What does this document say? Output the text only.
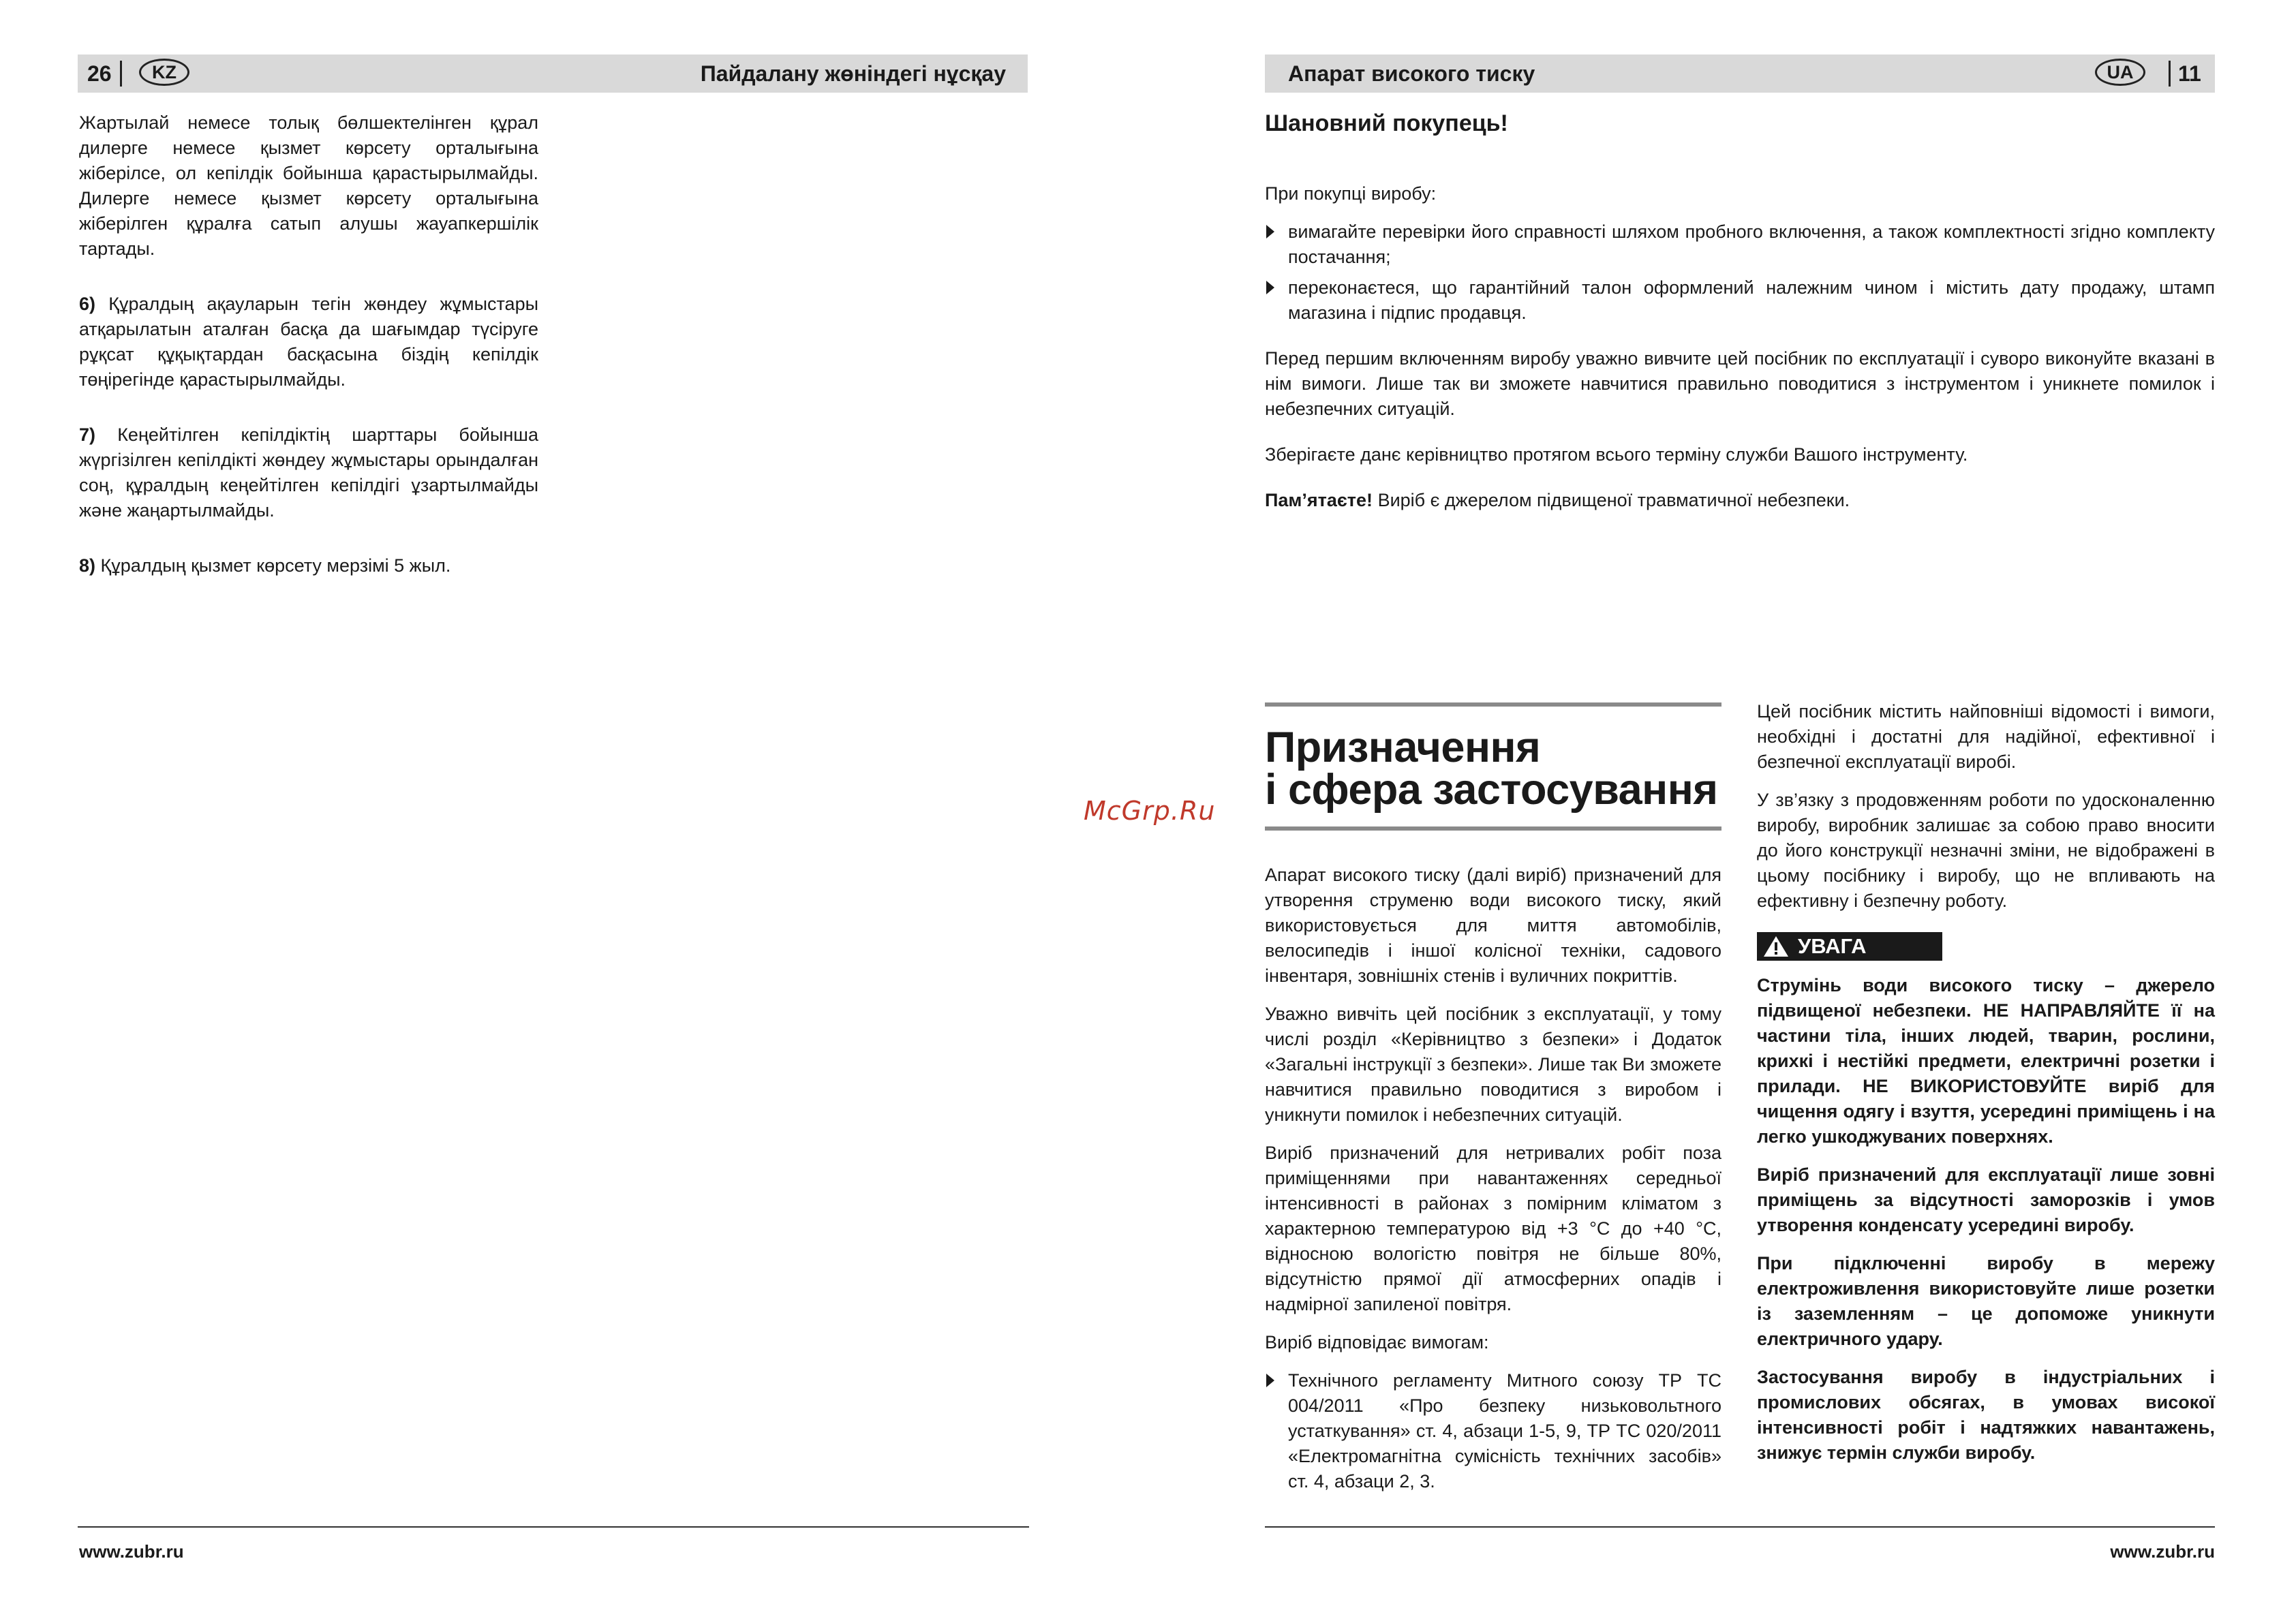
26	KZ	Пайдалану жөніндегі нұсқау

Жартылай немесе толық бөлшектелінген құрал дилерге немесе қызмет көрсету орталығына жіберілсе, ол кепілдік бойынша қарастырылмайды. Дилерге немесе қызмет көрсету орталығына жіберілген құралға сатып алушы жауапкершілік тартады.

6) Құралдың ақауларын тегін жөндеу жұмыстары атқарылатын аталған басқа да шағымдар түсіруге рұқсат құқықтардан басқасына біздің кепілдік төңірегінде қарастырылмайды.

7) Кеңейтілген кепілдіктің шарттары бойынша жүргізілген кепілдікті жөндеу жұмыстары орындалған соң, құралдың кеңейтілген кепілдігі ұзартылмайды және жаңартылмайды.

8) Құралдың қызмет көрсету мерзімі 5 жыл.

www.zubr.ru
McGrp.Ru
Апарат високого тиску	UA	11
Шановний покупець!

При покупці виробу:

вимагайте перевірки його справності шляхом пробного включення, а також комплектності згідно комплекту постачання;
переконаєтеся, що гарантійний талон оформлений належним чином і містить дату продажу, штамп магазина і підпис продавця.

Перед першим включенням виробу уважно вивчите цей посібник по експлуатації і суворо виконуйте вказані в нім вимоги. Лише так ви зможете навчитися правильно поводитися з інструментом і уникнете помилок і небезпечних ситуацій.

Зберігаєте данє керівництво протягом всього терміну служби Вашого інструменту.

Пам’ятаєте! Виріб є джерелом підвищеної травматичної небезпеки.

Призначення
і сфера застосування

Апарат високого тиску (далі виріб) призначений для утворення струменю води високого тиску, який використовується для миття автомобілів, велосипедів і іншої колісної техніки, садового інвентаря, зовнішніх стенів і вуличних покриттів.

Уважно вивчіть цей посібник з експлуатації, у тому числі розділ «Керівництво з безпеки» і Додаток «Загальні інструкції з безпеки». Лише так Ви зможете навчитися правильно поводитися з виробом і уникнути помилок і небезпечних ситуацій.

Виріб призначений для нетривалих робіт поза приміщеннями при навантаженнях середньої інтенсивності в районах з помірним кліматом з характерною температурою від +3 °C до +40 °C, відносною вологістю повітря не більше 80%, відсутністю прямої дії атмосферних опадів і надмірної запиленої повітря.

Виріб відповідає вимогам:

Технічного регламенту Митного союзу ТР ТС 004/2011 «Про безпеку низьковольтного устаткування» ст. 4, абзаци 1-5, 9, ТР ТС 020/2011 «Електромагнітна сумісність технічних засобів» ст. 4, абзаци 2, 3.

Цей посібник містить найповніші відомості і вимоги, необхідні і достатні для надійної, ефективної і безпечної експлуатації виробі.

У зв’язку з продовженням роботи по удосконаленню виробу, виробник залишає за собою право вносити до його конструкції незначні зміни, не відображені в цьому посібнику і виробу, що не впливають на ефективну і безпечну роботу.

УВАГА

Струмінь води високого тиску – джерело підвищеної небезпеки. НЕ НАПРАВЛЯЙТЕ її на частини тіла, інших людей, тварин, рослини, крихкі і нестійкі предмети, електричні розетки і прилади. НЕ ВИКОРИСТОВУЙТЕ виріб для чищення одягу і взуття, усередині приміщень і на легко ушкоджуваних поверхнях.

Виріб призначений для експлуатації лише зовні приміщень за відсутності заморозків і умов утворення конденсату усередині виробу.

При підключенні виробу в мережу електроживлення використовуйте лише розетки із заземленням – це допоможе уникнути електричного удару.

Застосування виробу в індустріальних і промислових обсягах, в умовах високої інтенсивності робіт і надтяжких навантажень, знижує термін служби виробу.

www.zubr.ru
